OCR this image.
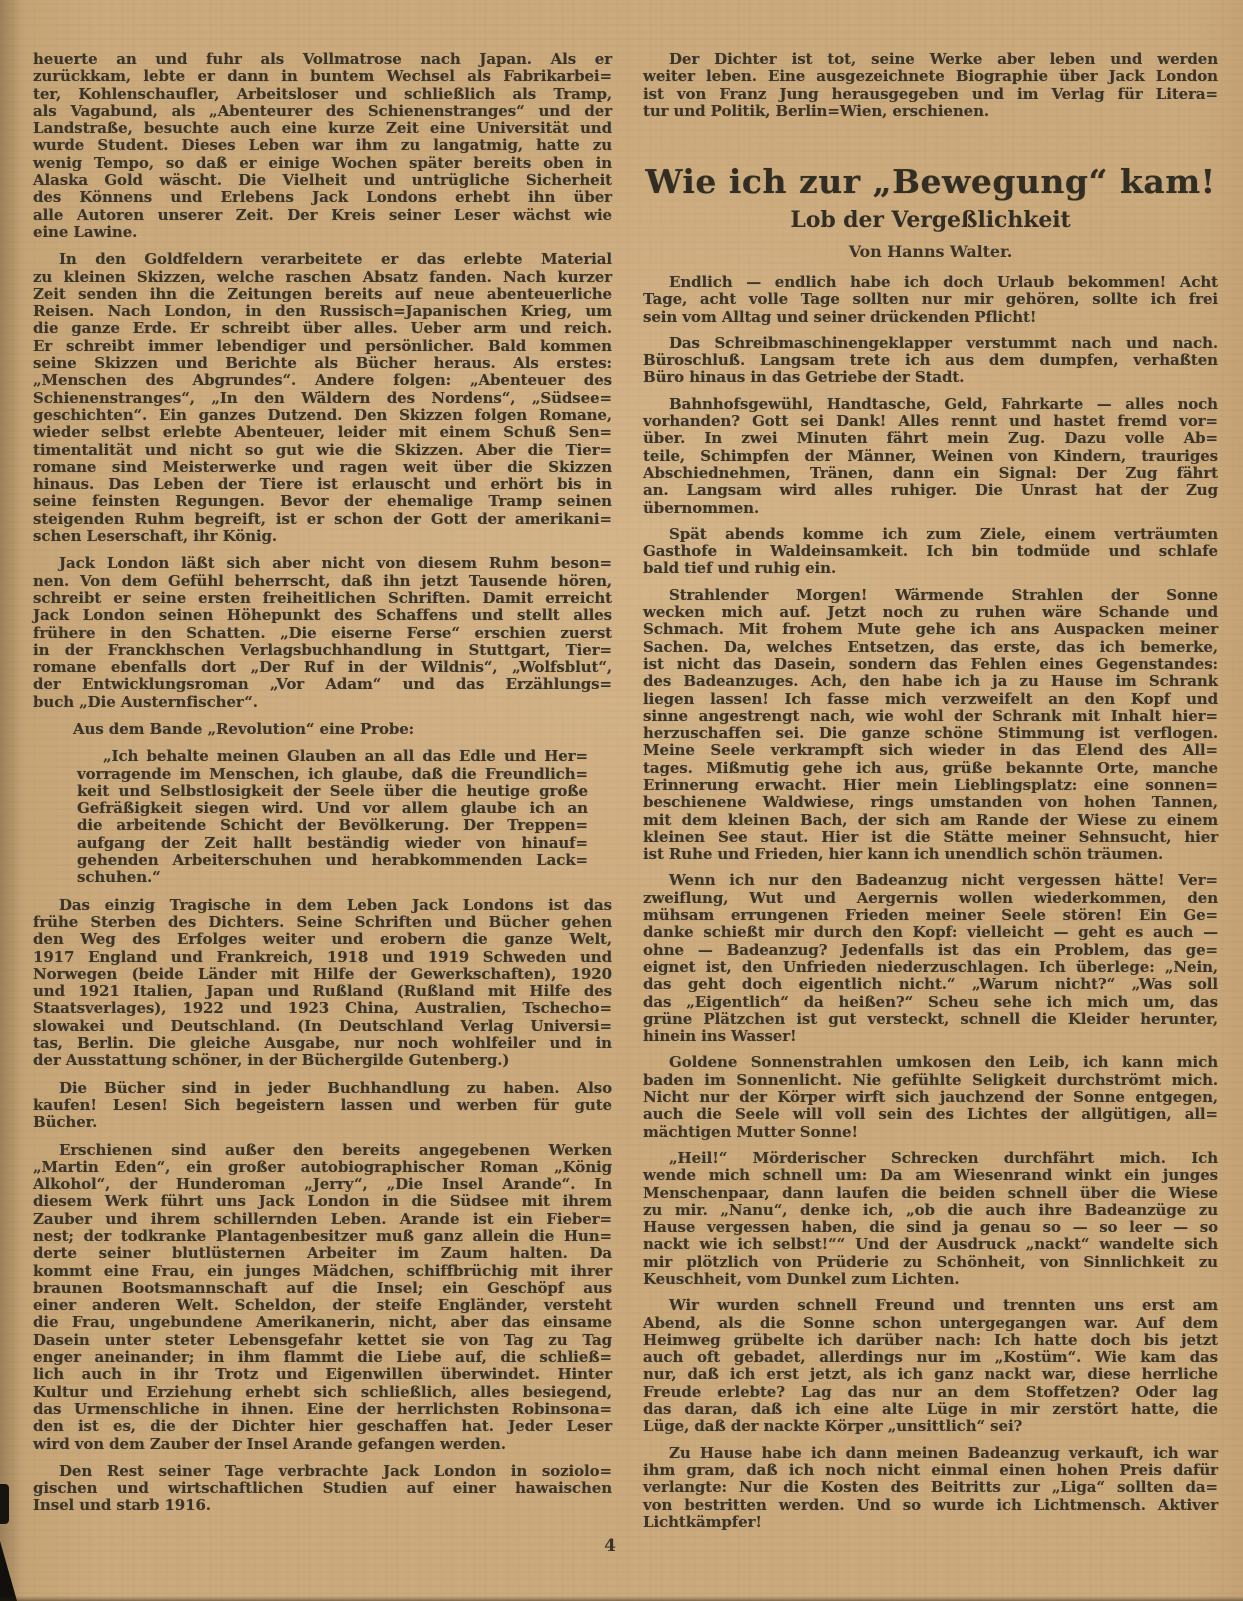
heuerte an und fuhr als Vollmatrose nach Japan. Als er
zurückkam, lebte er dann in buntem Wechsel als Fabrikarbei=
ter, Kohlenschaufler, Arbeitsloser und schließlich als Tramp,
als Vagabund, als „Abenteurer des Schienenstranges“ und der
Landstraße, besuchte auch eine kurze Zeit eine Universität und
wurde Student. Dieses Leben war ihm zu langatmig, hatte zu
wenig Tempo, so daß er einige Wochen später bereits oben in
Alaska Gold wäscht. Die Vielheit und untrügliche Sicherheit
des Könnens und Erlebens Jack Londons erhebt ihn über
alle Autoren unserer Zeit. Der Kreis seiner Leser wächst wie
eine Lawine.
In den Goldfeldern verarbeitete er das erlebte Material
zu kleinen Skizzen, welche raschen Absatz fanden. Nach kurzer
Zeit senden ihn die Zeitungen bereits auf neue abenteuerliche
Reisen. Nach London, in den Russisch=Japanischen Krieg, um
die ganze Erde. Er schreibt über alles. Ueber arm und reich.
Er schreibt immer lebendiger und persönlicher. Bald kommen
seine Skizzen und Berichte als Bücher heraus. Als erstes:
„Menschen des Abgrundes“. Andere folgen: „Abenteuer des
Schienenstranges“, „In den Wäldern des Nordens“, „Südsee=
geschichten“. Ein ganzes Dutzend. Den Skizzen folgen Romane,
wieder selbst erlebte Abenteuer, leider mit einem Schuß Sen=
timentalität und nicht so gut wie die Skizzen. Aber die Tier=
romane sind Meisterwerke und ragen weit über die Skizzen
hinaus. Das Leben der Tiere ist erlauscht und erhört bis in
seine feinsten Regungen. Bevor der ehemalige Tramp seinen
steigenden Ruhm begreift, ist er schon der Gott der amerikani=
schen Leserschaft, ihr König.
Jack London läßt sich aber nicht von diesem Ruhm beson=
nen. Von dem Gefühl beherrscht, daß ihn jetzt Tausende hören,
schreibt er seine ersten freiheitlichen Schriften. Damit erreicht
Jack London seinen Höhepunkt des Schaffens und stellt alles
frühere in den Schatten. „Die eiserne Ferse“ erschien zuerst
in der Franckhschen Verlagsbuchhandlung in Stuttgart, Tier=
romane ebenfalls dort „Der Ruf in der Wildnis“, „Wolfsblut“,
der Entwicklungsroman „Vor Adam“ und das Erzählungs=
buch „Die Austernfischer“.
Aus dem Bande „Revolution“ eine Probe:
„Ich behalte meinen Glauben an all das Edle und Her=
vorragende im Menschen, ich glaube, daß die Freundlich=
keit und Selbstlosigkeit der Seele über die heutige große
Gefräßigkeit siegen wird. Und vor allem glaube ich an
die arbeitende Schicht der Bevölkerung. Der Treppen=
aufgang der Zeit hallt beständig wieder von hinauf=
gehenden Arbeiterschuhen und herabkommenden Lack=
schuhen.“
Das einzig Tragische in dem Leben Jack Londons ist das
frühe Sterben des Dichters. Seine Schriften und Bücher gehen
den Weg des Erfolges weiter und erobern die ganze Welt,
1917 England und Frankreich, 1918 und 1919 Schweden und
Norwegen (beide Länder mit Hilfe der Gewerkschaften), 1920
und 1921 Italien, Japan und Rußland (Rußland mit Hilfe des
Staatsverlages), 1922 und 1923 China, Australien, Tschecho=
slowakei und Deutschland. (In Deutschland Verlag Universi=
tas, Berlin. Die gleiche Ausgabe, nur noch wohlfeiler und in
der Ausstattung schöner, in der Büchergilde Gutenberg.)
Die Bücher sind in jeder Buchhandlung zu haben. Also
kaufen! Lesen! Sich begeistern lassen und werben für gute
Bücher.
Erschienen sind außer den bereits angegebenen Werken
„Martin Eden“, ein großer autobiographischer Roman „König
Alkohol“, der Hunderoman „Jerry“, „Die Insel Arande“. In
diesem Werk führt uns Jack London in die Südsee mit ihrem
Zauber und ihrem schillernden Leben. Arande ist ein Fieber=
nest; der todkranke Plantagenbesitzer muß ganz allein die Hun=
derte seiner blutlüsternen Arbeiter im Zaum halten. Da
kommt eine Frau, ein junges Mädchen, schiffbrüchig mit ihrer
braunen Bootsmannschaft auf die Insel; ein Geschöpf aus
einer anderen Welt. Scheldon, der steife Engländer, versteht
die Frau, ungebundene Amerikanerin, nicht, aber das einsame
Dasein unter steter Lebensgefahr kettet sie von Tag zu Tag
enger aneinander; in ihm flammt die Liebe auf, die schließ=
lich auch in ihr Trotz und Eigenwillen überwindet. Hinter
Kultur und Erziehung erhebt sich schließlich, alles besiegend,
das Urmenschliche in ihnen. Eine der herrlichsten Robinsona=
den ist es, die der Dichter hier geschaffen hat. Jeder Leser
wird von dem Zauber der Insel Arande gefangen werden.
Den Rest seiner Tage verbrachte Jack London in soziolo=
gischen und wirtschaftlichen Studien auf einer hawaischen
Insel und starb 1916.
Der Dichter ist tot, seine Werke aber leben und werden
weiter leben. Eine ausgezeichnete Biographie über Jack London
ist von Franz Jung herausgegeben und im Verlag für Litera=
tur und Politik, Berlin=Wien, erschienen.
Wie ich zur „Bewegung“ kam!
Lob der Vergeßlichkeit
Von Hanns Walter.
Endlich — endlich habe ich doch Urlaub bekommen! Acht
Tage, acht volle Tage sollten nur mir gehören, sollte ich frei
sein vom Alltag und seiner drückenden Pflicht!
Das Schreibmaschinengeklapper verstummt nach und nach.
Büroschluß. Langsam trete ich aus dem dumpfen, verhaßten
Büro hinaus in das Getriebe der Stadt.
Bahnhofsgewühl, Handtasche, Geld, Fahrkarte — alles noch
vorhanden? Gott sei Dank! Alles rennt und hastet fremd vor=
über. In zwei Minuten fährt mein Zug. Dazu volle Ab=
teile, Schimpfen der Männer, Weinen von Kindern, trauriges
Abschiednehmen, Tränen, dann ein Signal: Der Zug fährt
an. Langsam wird alles ruhiger. Die Unrast hat der Zug
übernommen.
Spät abends komme ich zum Ziele, einem verträumten
Gasthofe in Waldeinsamkeit. Ich bin todmüde und schlafe
bald tief und ruhig ein.
Strahlender Morgen! Wärmende Strahlen der Sonne
wecken mich auf. Jetzt noch zu ruhen wäre Schande und
Schmach. Mit frohem Mute gehe ich ans Auspacken meiner
Sachen. Da, welches Entsetzen, das erste, das ich bemerke,
ist nicht das Dasein, sondern das Fehlen eines Gegenstandes:
des Badeanzuges. Ach, den habe ich ja zu Hause im Schrank
liegen lassen! Ich fasse mich verzweifelt an den Kopf und
sinne angestrengt nach, wie wohl der Schrank mit Inhalt hier=
herzuschaffen sei. Die ganze schöne Stimmung ist verflogen.
Meine Seele verkrampft sich wieder in das Elend des All=
tages. Mißmutig gehe ich aus, grüße bekannte Orte, manche
Erinnerung erwacht. Hier mein Lieblingsplatz: eine sonnen=
beschienene Waldwiese, rings umstanden von hohen Tannen,
mit dem kleinen Bach, der sich am Rande der Wiese zu einem
kleinen See staut. Hier ist die Stätte meiner Sehnsucht, hier
ist Ruhe und Frieden, hier kann ich unendlich schön träumen.
Wenn ich nur den Badeanzug nicht vergessen hätte! Ver=
zweiflung, Wut und Aergernis wollen wiederkommen, den
mühsam errungenen Frieden meiner Seele stören! Ein Ge=
danke schießt mir durch den Kopf: vielleicht — geht es auch —
ohne — Badeanzug? Jedenfalls ist das ein Problem, das ge=
eignet ist, den Unfrieden niederzuschlagen. Ich überlege: „Nein,
das geht doch eigentlich nicht.“ „Warum nicht?“ „Was soll
das „Eigentlich“ da heißen?“ Scheu sehe ich mich um, das
grüne Plätzchen ist gut versteckt, schnell die Kleider herunter,
hinein ins Wasser!
Goldene Sonnenstrahlen umkosen den Leib, ich kann mich
baden im Sonnenlicht. Nie gefühlte Seligkeit durchströmt mich.
Nicht nur der Körper wirft sich jauchzend der Sonne entgegen,
auch die Seele will voll sein des Lichtes der allgütigen, all=
mächtigen Mutter Sonne!
„Heil!“ Mörderischer Schrecken durchfährt mich. Ich
wende mich schnell um: Da am Wiesenrand winkt ein junges
Menschenpaar, dann laufen die beiden schnell über die Wiese
zu mir. „Nanu“, denke ich, „ob die auch ihre Badeanzüge zu
Hause vergessen haben, die sind ja genau so — so leer — so
nackt wie ich selbst!““ Und der Ausdruck „nackt“ wandelte sich
mir plötzlich von Prüderie zu Schönheit, von Sinnlichkeit zu
Keuschheit, vom Dunkel zum Lichten.
Wir wurden schnell Freund und trennten uns erst am
Abend, als die Sonne schon untergegangen war. Auf dem
Heimweg grübelte ich darüber nach: Ich hatte doch bis jetzt
auch oft gebadet, allerdings nur im „Kostüm“. Wie kam das
nur, daß ich erst jetzt, als ich ganz nackt war, diese herrliche
Freude erlebte? Lag das nur an dem Stoffetzen? Oder lag
das daran, daß ich eine alte Lüge in mir zerstört hatte, die
Lüge, daß der nackte Körper „unsittlich“ sei?
Zu Hause habe ich dann meinen Badeanzug verkauft, ich war
ihm gram, daß ich noch nicht einmal einen hohen Preis dafür
verlangte: Nur die Kosten des Beitritts zur „Liga“ sollten da=
von bestritten werden. Und so wurde ich Lichtmensch. Aktiver
Lichtkämpfer!
4
